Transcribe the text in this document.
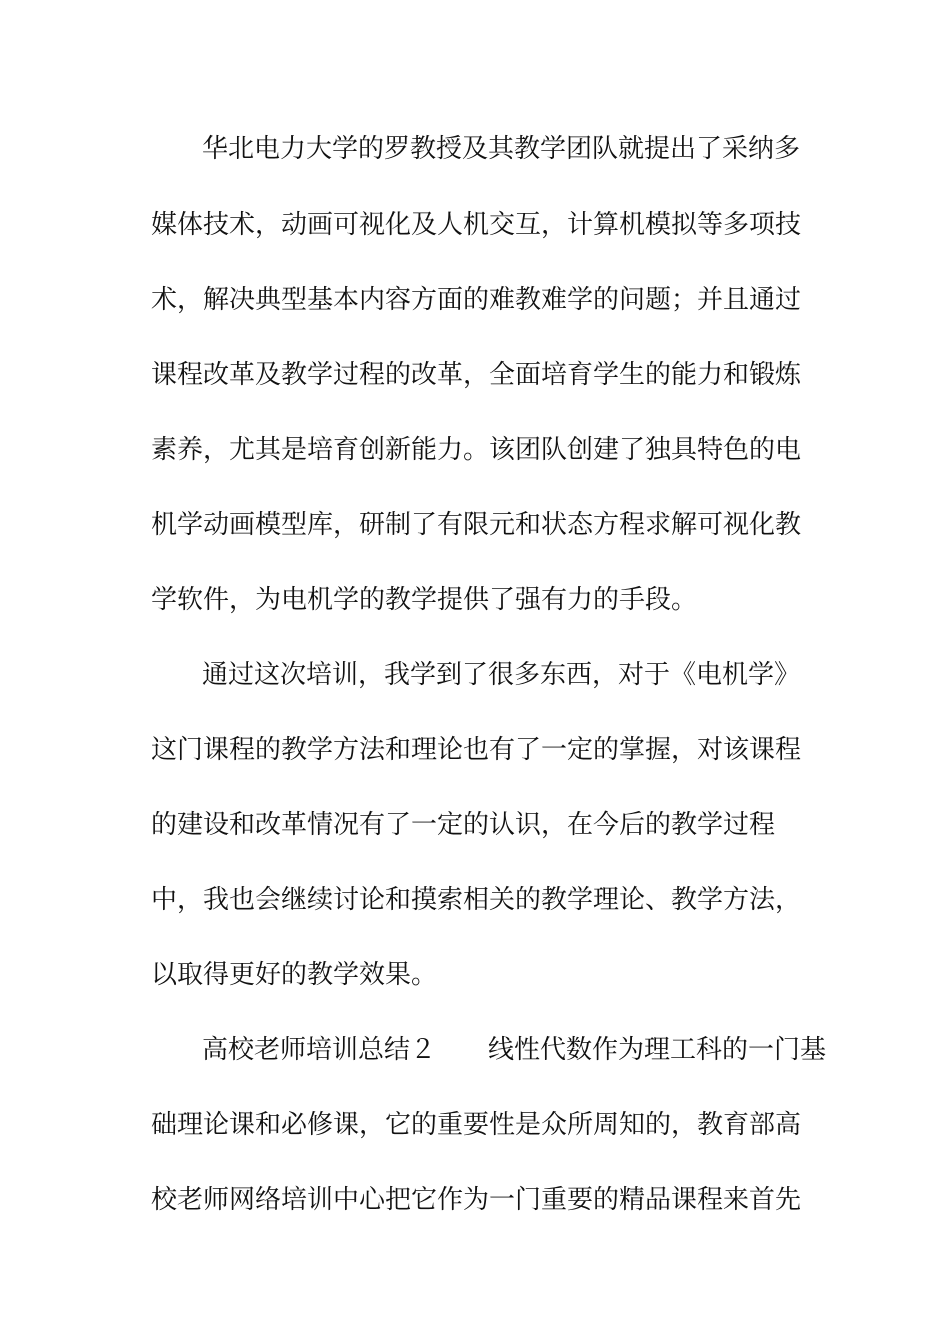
华北电力大学的罗教授及其教学团队就提出了采纳多
媒体技术，动画可视化及人机交互，计算机模拟等多项技
术，解决典型基本内容方面的难教难学的问题；并且通过
课程改革及教学过程的改革，全面培育学生的能力和锻炼
素养，尤其是培育创新能力。该团队创建了独具特色的电
机学动画模型库，研制了有限元和状态方程求解可视化教
学软件，为电机学的教学提供了强有力的手段。
通过这次培训，我学到了很多东西，对于《电机学》
这门课程的教学方法和理论也有了一定的掌握，对该课程
的建设和改革情况有了一定的认识，在今后的教学过程
中，我也会继续讨论和摸索相关的教学理论、教学方法，
以取得更好的教学效果。
高校老师培训总结２　　线性代数作为理工科的一门基
础理论课和必修课，它的重要性是众所周知的，教育部高
校老师网络培训中心把它作为一门重要的精品课程来首先
